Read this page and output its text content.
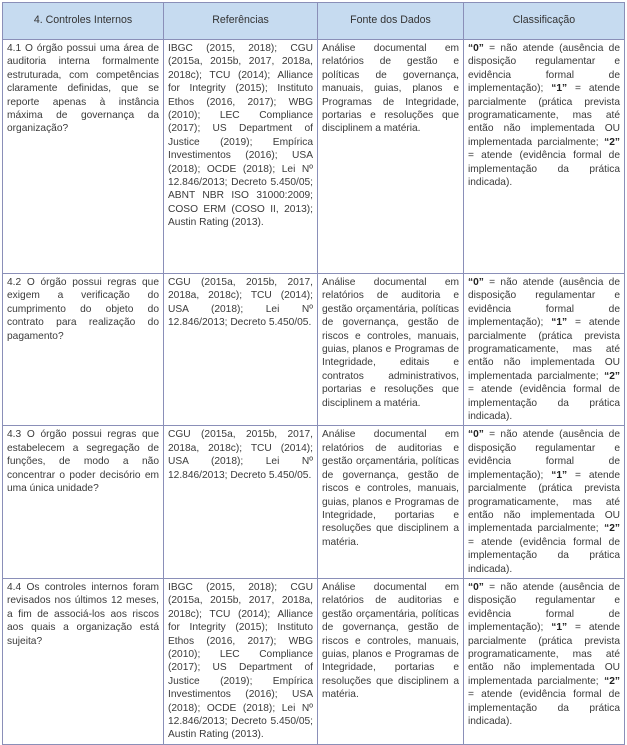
4. Controles Internos	Referências	Fonte dos Dados	Classificação
4.1 O órgão possui uma área de auditoria interna formalmente estruturada, com competências claramente definidas, que se reporte apenas à instância máxima de governança da organização?	IBGC (2015, 2018); CGU (2015a, 2015b, 2017, 2018a, 2018c); TCU (2014); Alliance for Integrity (2015); Instituto Ethos (2016, 2017); WBG (2010); LEC Compliance (2017); US Department of Justice (2019); Empírica Investimentos (2016); USA (2018); OCDE (2018); Lei Nº 12.846/2013; Decreto 5.450/05; ABNT NBR ISO 31000:2009; COSO ERM (COSO II, 2013); Austin Rating (2013).	Análise documental em relatórios de gestão e políticas de governança, manuais, guias, planos e Programas de Integridade, portarias e resoluções que disciplinem a matéria.	“0” = não atende (ausência de disposição regulamentar e evidência formal de implementação); “1” = atende parcialmente (prática prevista programaticamente, mas até então não implementada OU implementada parcialmente; “2” = atende (evidência formal de implementação da prática indicada).
4.2 O órgão possui regras que exigem a verificação do cumprimento do objeto do contrato para realização do pagamento?	CGU (2015a, 2015b, 2017, 2018a, 2018c); TCU (2014); USA (2018); Lei Nº 12.846/2013; Decreto 5.450/05.	Análise documental em relatórios de auditoria e gestão orçamentária, políticas de governança, gestão de riscos e controles, manuais, guias, planos e Programas de Integridade, editais e contratos administrativos, portarias e resoluções que disciplinem a matéria.	“0” = não atende (ausência de disposição regulamentar e evidência formal de implementação); “1” = atende parcialmente (prática prevista programaticamente, mas até então não implementada OU implementada parcialmente; “2” = atende (evidência formal de implementação da prática indicada).
4.3 O órgão possui regras que estabelecem a segregação de funções, de modo a não concentrar o poder decisório em uma única unidade?	CGU (2015a, 2015b, 2017, 2018a, 2018c); TCU (2014); USA (2018); Lei Nº 12.846/2013; Decreto 5.450/05.	Análise documental em relatórios de auditorias e gestão orçamentária, políticas de governança, gestão de riscos e controles, manuais, guias, planos e Programas de Integridade, portarias e resoluções que disciplinem a matéria.	“0” = não atende (ausência de disposição regulamentar e evidência formal de implementação); “1” = atende parcialmente (prática prevista programaticamente, mas até então não implementada OU implementada parcialmente; “2” = atende (evidência formal de implementação da prática indicada).
4.4 Os controles internos foram revisados nos últimos 12 meses, a fim de associá-los aos riscos aos quais a organização está sujeita?	IBGC (2015, 2018); CGU (2015a, 2015b, 2017, 2018a, 2018c); TCU (2014); Alliance for Integrity (2015); Instituto Ethos (2016, 2017); WBG (2010); LEC Compliance (2017); US Department of Justice (2019); Empírica Investimentos (2016); USA (2018); OCDE (2018); Lei Nº 12.846/2013; Decreto 5.450/05; Austin Rating (2013).	Análise documental em relatórios de auditorias e gestão orçamentária, políticas de governança, gestão de riscos e controles, manuais, guias, planos e Programas de Integridade, portarias e resoluções que disciplinem a matéria.	“0” = não atende (ausência de disposição regulamentar e evidência formal de implementação); “1” = atende parcialmente (prática prevista programaticamente, mas até então não implementada OU implementada parcialmente; “2” = atende (evidência formal de implementação da prática indicada).
